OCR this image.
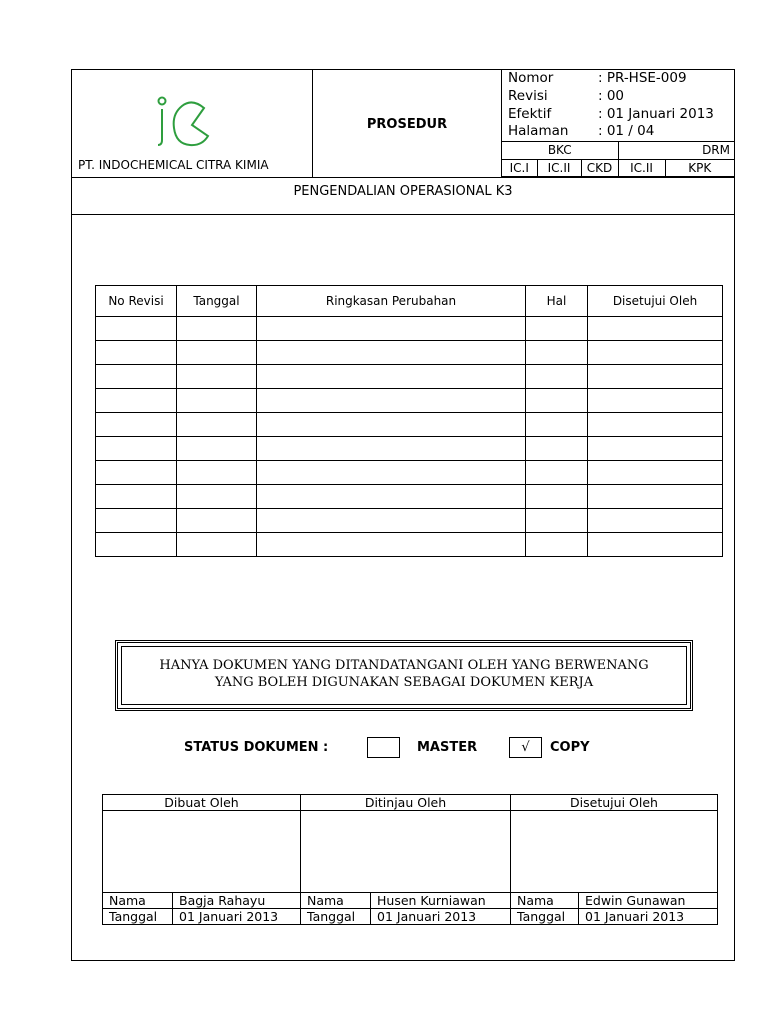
PT. INDOCHEMICAL CITRA KIMIA
PROSEDUR
Nomor	: PR-HSE-009
Revisi	: 00
Efektif	: 01 Januari 2013
Halaman : 01 / 04
BKC			DRM	
IC.I	IC.II	CKD	IC.II	KPK
PENGENDALIAN OPERASIONAL K3
No Revisi	Tanggal	Ringkasan Perubahan	Hal	Disetujui Oleh

HANYA DOKUMEN YANG DITANDATANGANI OLEH YANG BERWENANG
YANG BOLEH DIGUNAKAN SEBAGAI DOKUMEN KERJA
STATUS DOKUMEN :	MASTER	√	COPY
Dibuat Oleh		Ditinjau Oleh		Disetujui Oleh	

Nama	Bagja Rahayu	Nama	Husen Kurniawan	Nama	Edwin Gunawan
Tanggal	01 Januari 2013	Tanggal	01 Januari 2013	Tanggal	01 Januari 2013
